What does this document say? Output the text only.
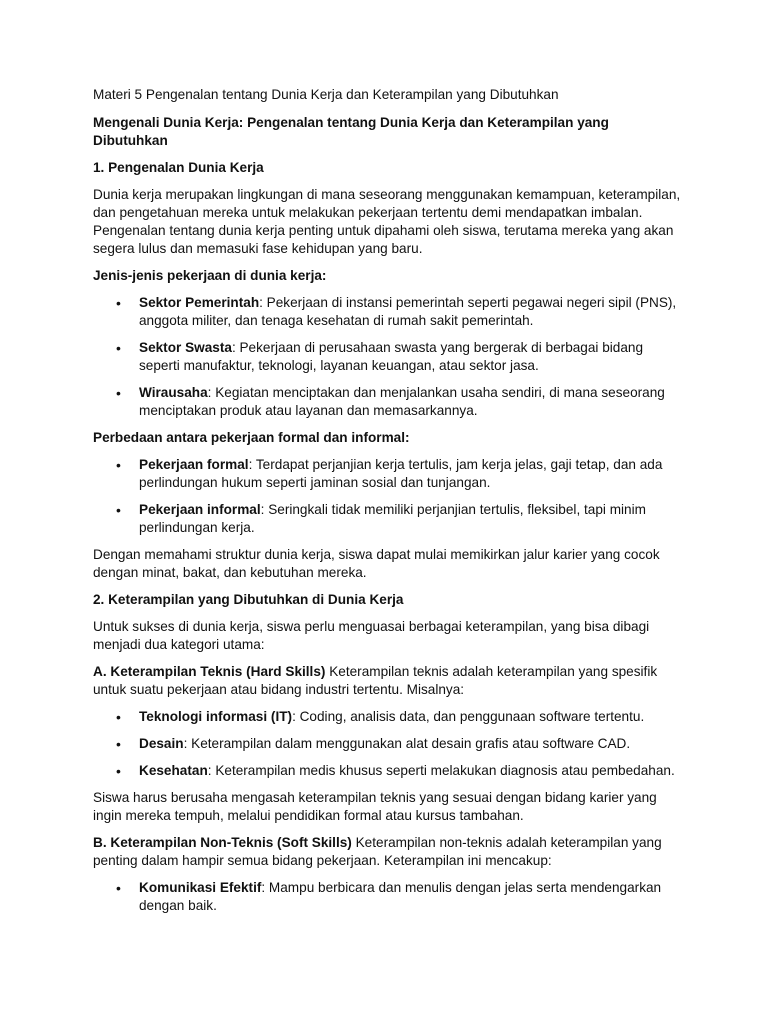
Materi 5 Pengenalan tentang Dunia Kerja dan Keterampilan yang Dibutuhkan

Mengenali Dunia Kerja: Pengenalan tentang Dunia Kerja dan Keterampilan yang Dibutuhkan

1. Pengenalan Dunia Kerja

Dunia kerja merupakan lingkungan di mana seseorang menggunakan kemampuan, keterampilan, dan pengetahuan mereka untuk melakukan pekerjaan tertentu demi mendapatkan imbalan. Pengenalan tentang dunia kerja penting untuk dipahami oleh siswa, terutama mereka yang akan segera lulus dan memasuki fase kehidupan yang baru.

Jenis-jenis pekerjaan di dunia kerja:

• Sektor Pemerintah: Pekerjaan di instansi pemerintah seperti pegawai negeri sipil (PNS), anggota militer, dan tenaga kesehatan di rumah sakit pemerintah.
• Sektor Swasta: Pekerjaan di perusahaan swasta yang bergerak di berbagai bidang seperti manufaktur, teknologi, layanan keuangan, atau sektor jasa.
• Wirausaha: Kegiatan menciptakan dan menjalankan usaha sendiri, di mana seseorang menciptakan produk atau layanan dan memasarkannya.

Perbedaan antara pekerjaan formal dan informal:

• Pekerjaan formal: Terdapat perjanjian kerja tertulis, jam kerja jelas, gaji tetap, dan ada perlindungan hukum seperti jaminan sosial dan tunjangan.
• Pekerjaan informal: Seringkali tidak memiliki perjanjian tertulis, fleksibel, tapi minim perlindungan kerja.

Dengan memahami struktur dunia kerja, siswa dapat mulai memikirkan jalur karier yang cocok dengan minat, bakat, dan kebutuhan mereka.

2. Keterampilan yang Dibutuhkan di Dunia Kerja

Untuk sukses di dunia kerja, siswa perlu menguasai berbagai keterampilan, yang bisa dibagi menjadi dua kategori utama:

A. Keterampilan Teknis (Hard Skills) Keterampilan teknis adalah keterampilan yang spesifik untuk suatu pekerjaan atau bidang industri tertentu. Misalnya:

• Teknologi informasi (IT): Coding, analisis data, dan penggunaan software tertentu.
• Desain: Keterampilan dalam menggunakan alat desain grafis atau software CAD.
• Kesehatan: Keterampilan medis khusus seperti melakukan diagnosis atau pembedahan.

Siswa harus berusaha mengasah keterampilan teknis yang sesuai dengan bidang karier yang ingin mereka tempuh, melalui pendidikan formal atau kursus tambahan.

B. Keterampilan Non-Teknis (Soft Skills) Keterampilan non-teknis adalah keterampilan yang penting dalam hampir semua bidang pekerjaan. Keterampilan ini mencakup:

• Komunikasi Efektif: Mampu berbicara dan menulis dengan jelas serta mendengarkan dengan baik.
